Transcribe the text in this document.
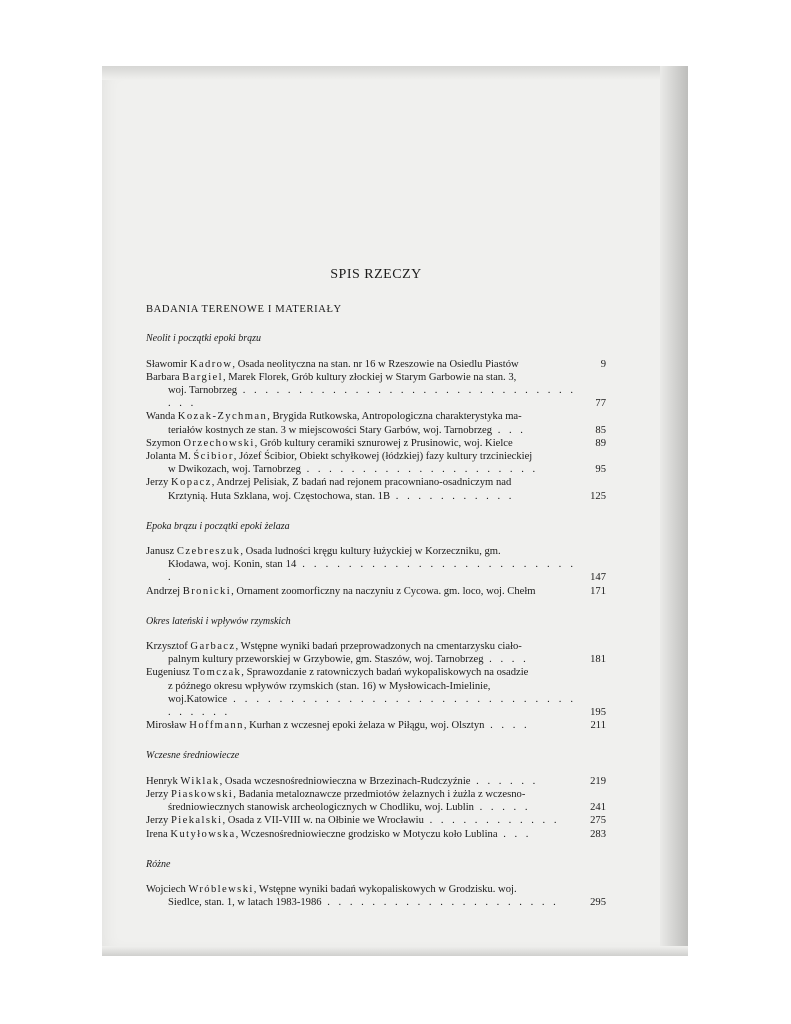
SPIS RZECZY
BADANIA TERENOWE I MATERIAŁY
Neolit i początki epoki brązu
Sławomir Kadrow, Osada neolityczna na stan. nr 16 w Rzeszowie na Osiedlu Piastów	9
Barbara Bargiel, Marek Florek, Grób kultury złockiej w Starym Garbowie na stan. 3,
woj. Tarnobrzeg . . . . . . . . . . . . . . . . . . . . . . . . . . . . . . . . .	77
Wanda Kozak-Zychman, Brygida Rutkowska, Antropologiczna charakterystyka ma-
teriałów kostnych ze stan. 3 w miejscowości Stary Garbów, woj. Tarnobrzeg . . .	85
Szymon Orzechowski, Grób kultury ceramiki sznurowej z Prusinowic, woj. Kielce	89
Jolanta M. Ścibior, Józef Ścibior, Obiekt schyłkowej (łódzkiej) fazy kultury trzcinieckiej
w Dwikozach, woj. Tarnobrzeg . . . . . . . . . . . . . . . . . . . . .	95
Jerzy Kopacz, Andrzej Pelisiak, Z badań nad rejonem pracowniano-osadniczym nad
Krztynią. Huta Szklana, woj. Częstochowa, stan. 1B . . . . . . . . . . .	125
Epoka brązu i początki epoki żelaza
Janusz Czebreszuk, Osada ludności kręgu kultury łużyckiej w Korzeczniku, gm.
Kłodawa, woj. Konin, stan 14 . . . . . . . . . . . . . . . . . . . . . . . . .	147
Andrzej Bronicki, Ornament zoomorficzny na naczyniu z Cycowa. gm. loco, woj. Chełm	171
Okres lateński i wpływów rzymskich
Krzysztof Garbacz, Wstępne wyniki badań przeprowadzonych na cmentarzysku ciało-
palnym kultury przeworskiej w Grzybowie, gm. Staszów, woj. Tarnobrzeg . . . .	181
Eugeniusz Tomczak, Sprawozdanie z ratowniczych badań wykopaliskowych na osadzie
z późnego okresu wpływów rzymskich (stan. 16) w Mysłowicach-Imielinie,
woj.Katowice . . . . . . . . . . . . . . . . . . . . . . . . . . . . . . . . . . . .	195
Mirosław Hoffmann, Kurhan z wczesnej epoki żelaza w Piłągu, woj. Olsztyn . . . .	211
Wczesne średniowiecze
Henryk Wiklak, Osada wczesnośredniowieczna w Brzezinach-Rudczyźnie . . . . . .	219
Jerzy Piaskowski, Badania metaloznawcze przedmiotów żelaznych i żużla z wczesno-
średniowiecznych stanowisk archeologicznych w Chodliku, woj. Lublin . . . . .	241
Jerzy Piekalski, Osada z VII-VIII w. na Ołbinie we Wrocławiu . . . . . . . . . . . .	275
Irena Kutyłowska, Wczesnośredniowieczne grodzisko w Motyczu koło Lublina . . .	283
Różne
Wojciech Wróblewski, Wstępne wyniki badań wykopaliskowych w Grodzisku. woj.
Siedlce, stan. 1, w latach 1983-1986 . . . . . . . . . . . . . . . . . . . . .	295
